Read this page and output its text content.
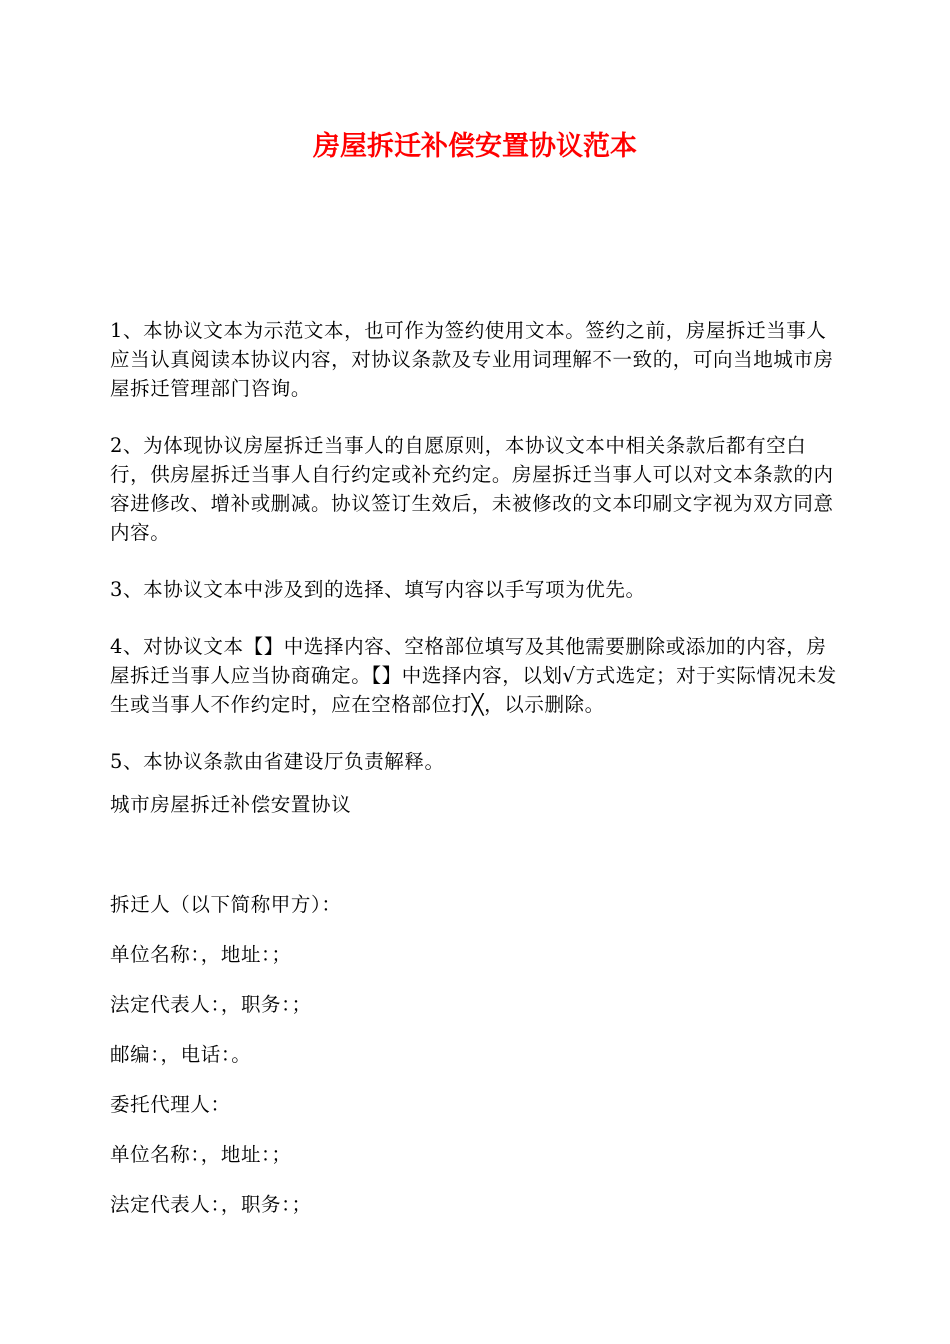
房屋拆迁补偿安置协议范本

1、本协议文本为示范文本，也可作为签约使用文本。签约之前，房屋拆迁当事人应当认真阅读本协议内容，对协议条款及专业用词理解不一致的，可向当地城市房屋拆迁管理部门咨询。

2、为体现协议房屋拆迁当事人的自愿原则，本协议文本中相关条款后都有空白行，供房屋拆迁当事人自行约定或补充约定。房屋拆迁当事人可以对文本条款的内容进修改、增补或删减。协议签订生效后，未被修改的文本印刷文字视为双方同意内容。

3、本协议文本中涉及到的选择、填写内容以手写项为优先。

4、对协议文本【】中选择内容、空格部位填写及其他需要删除或添加的内容，房屋拆迁当事人应当协商确定。【】中选择内容，以划√方式选定；对于实际情况未发生或当事人不作约定时，应在空格部位打╳，以示删除。

5、本协议条款由省建设厅负责解释。

城市房屋拆迁补偿安置协议

拆迁人（以下简称甲方）：

单位名称：，地址：；

法定代表人：，职务：；

邮编：，电话：。

委托代理人：

单位名称：，地址：；

法定代表人：，职务：；
